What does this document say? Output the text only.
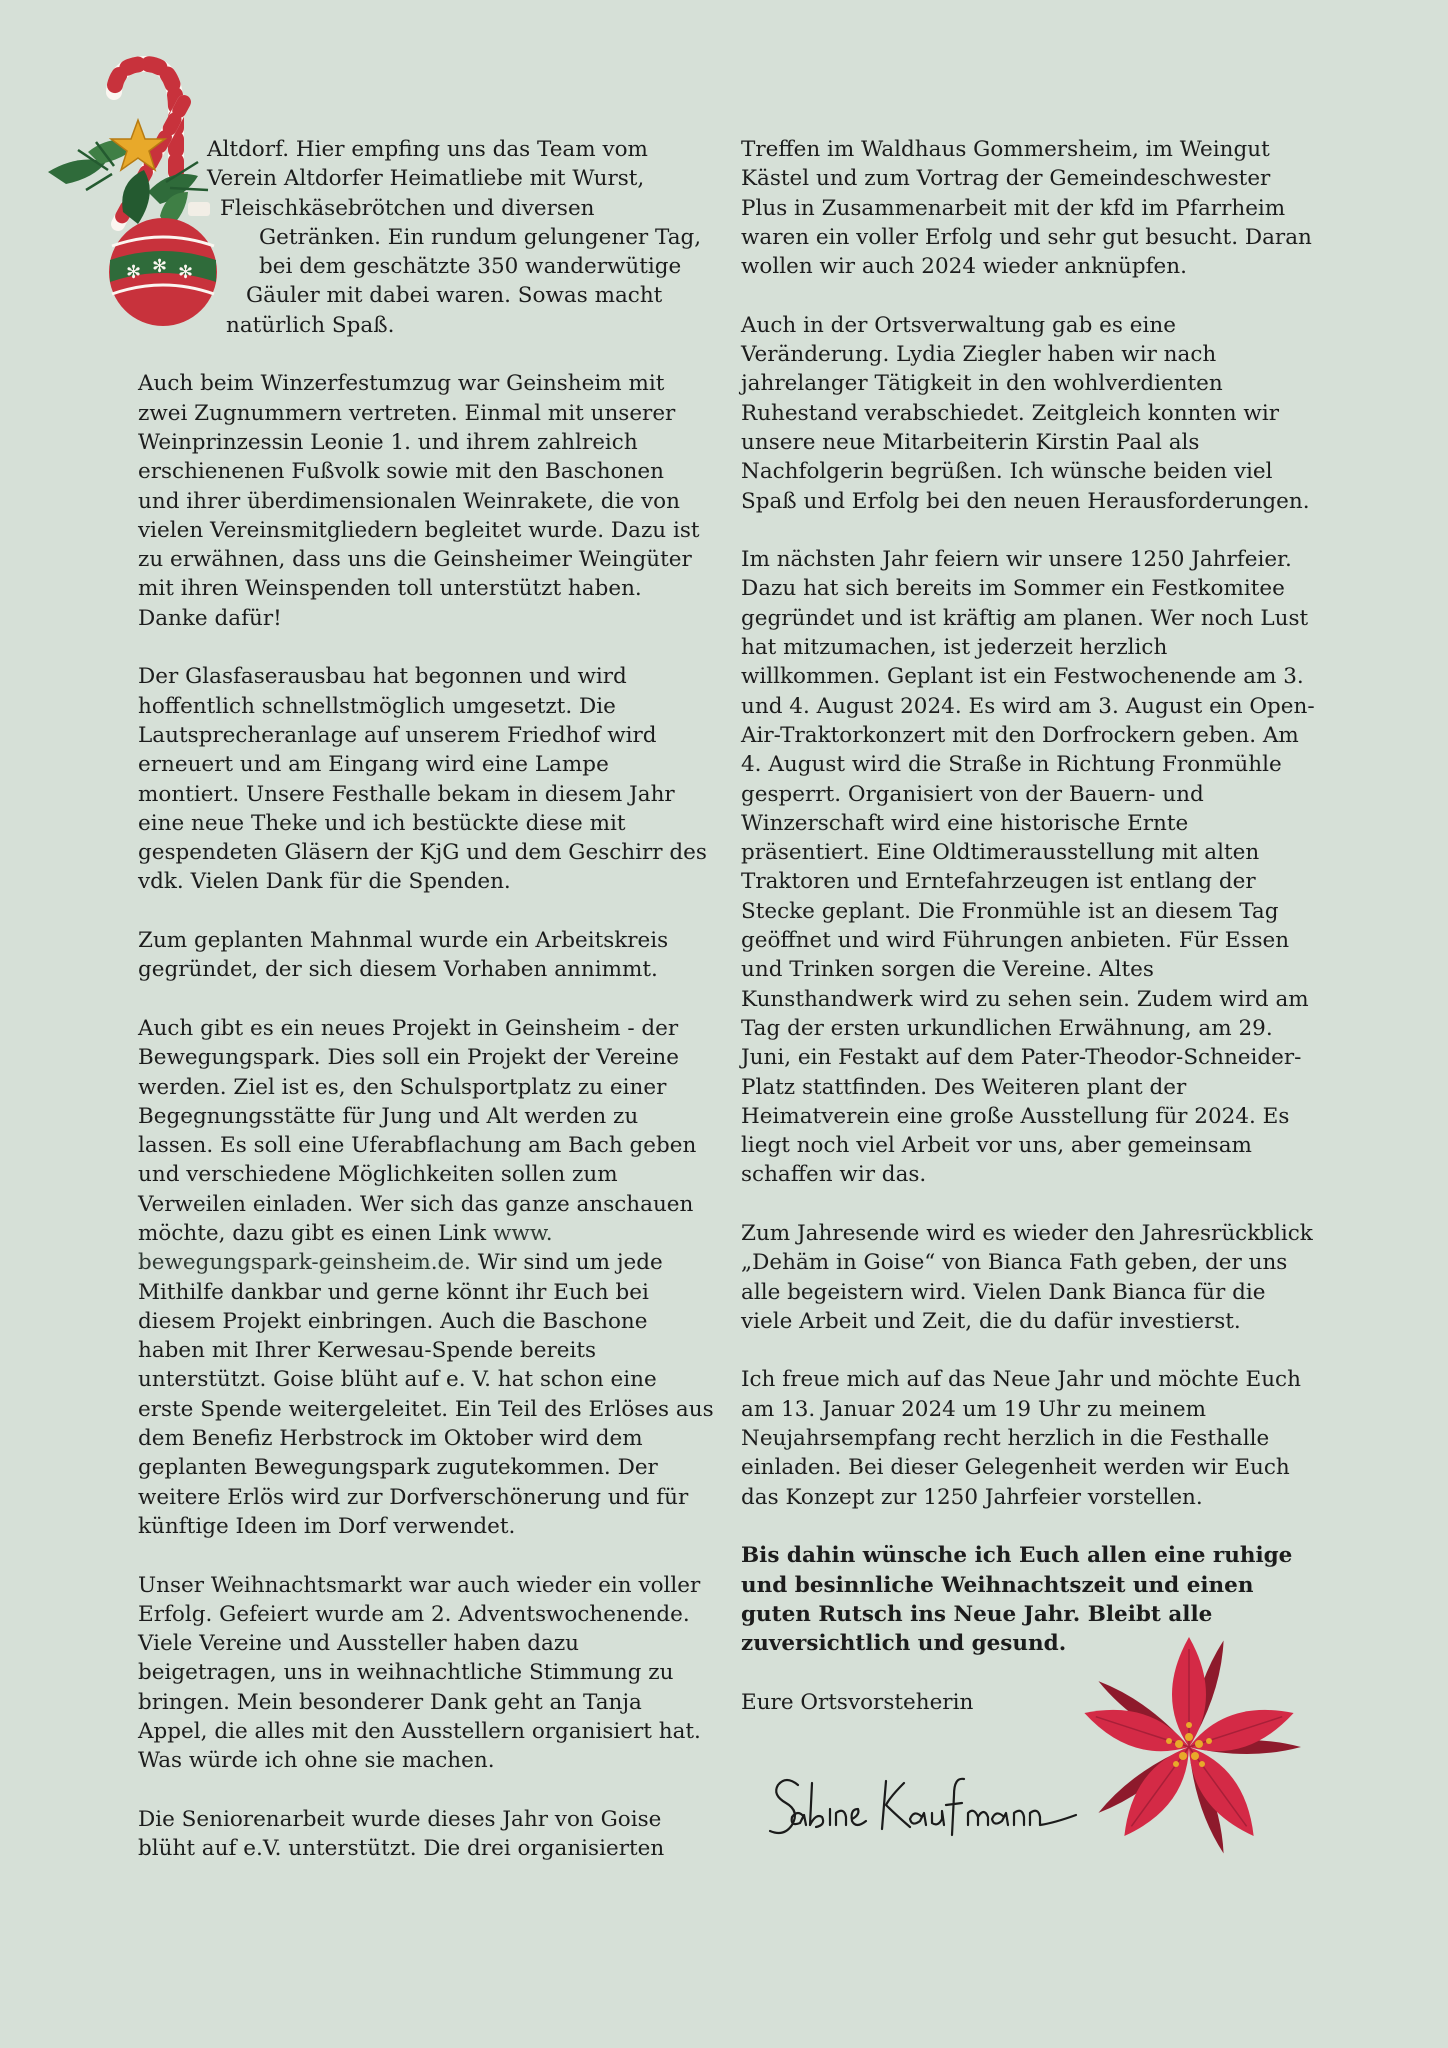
✻ ✻ ✻
Altdorf. Hier empfing uns das Team vom
Verein Altdorfer Heimatliebe mit Wurst,
Fleischkäsebrötchen und diversen
Getränken. Ein rundum gelungener Tag,
bei dem geschätzte 350 wanderwütige
Gäuler mit dabei waren. Sowas macht
natürlich Spaß.
Auch beim Winzerfestumzug war Geinsheim mit
zwei Zugnummern vertreten. Einmal mit unserer
Weinprinzessin Leonie 1. und ihrem zahlreich
erschienenen Fußvolk sowie mit den Baschonen
und ihrer überdimensionalen Weinrakete, die von
vielen Vereinsmitgliedern begleitet wurde. Dazu ist
zu erwähnen, dass uns die Geinsheimer Weingüter
mit ihren Weinspenden toll unterstützt haben.
Danke dafür!
Der Glasfaserausbau hat begonnen und wird
hoffentlich schnellstmöglich umgesetzt. Die
Lautsprecheranlage auf unserem Friedhof wird
erneuert und am Eingang wird eine Lampe
montiert. Unsere Festhalle bekam in diesem Jahr
eine neue Theke und ich bestückte diese mit
gespendeten Gläsern der KjG und dem Geschirr des
vdk. Vielen Dank für die Spenden.
Zum geplanten Mahnmal wurde ein Arbeitskreis
gegründet, der sich diesem Vorhaben annimmt.
Auch gibt es ein neues Projekt in Geinsheim - der
Bewegungspark. Dies soll ein Projekt der Vereine
werden. Ziel ist es, den Schulsportplatz zu einer
Begegnungsstätte für Jung und Alt werden zu
lassen. Es soll eine Uferabflachung am Bach geben
und verschiedene Möglichkeiten sollen zum
Verweilen einladen. Wer sich das ganze anschauen
möchte, dazu gibt es einen Link www.
bewegungspark-geinsheim.de. Wir sind um jede
Mithilfe dankbar und gerne könnt ihr Euch bei
diesem Projekt einbringen. Auch die Baschone
haben mit Ihrer Kerwesau-Spende bereits
unterstützt. Goise blüht auf e. V. hat schon eine
erste Spende weitergeleitet. Ein Teil des Erlöses aus
dem Benefiz Herbstrock im Oktober wird dem
geplanten Bewegungspark zugutekommen. Der
weitere Erlös wird zur Dorfverschönerung und für
künftige Ideen im Dorf verwendet.
Unser Weihnachtsmarkt war auch wieder ein voller
Erfolg. Gefeiert wurde am 2. Adventswochenende.
Viele Vereine und Aussteller haben dazu
beigetragen, uns in weihnachtliche Stimmung zu
bringen. Mein besonderer Dank geht an Tanja
Appel, die alles mit den Ausstellern organisiert hat.
Was würde ich ohne sie machen.
Die Seniorenarbeit wurde dieses Jahr von Goise
blüht auf e.V. unterstützt. Die drei organisierten
Treffen im Waldhaus Gommersheim, im Weingut
Kästel und zum Vortrag der Gemeindeschwester
Plus in Zusammenarbeit mit der kfd im Pfarrheim
waren ein voller Erfolg und sehr gut besucht. Daran
wollen wir auch 2024 wieder anknüpfen.
Auch in der Ortsverwaltung gab es eine
Veränderung. Lydia Ziegler haben wir nach
jahrelanger Tätigkeit in den wohlverdienten
Ruhestand verabschiedet. Zeitgleich konnten wir
unsere neue Mitarbeiterin Kirstin Paal als
Nachfolgerin begrüßen. Ich wünsche beiden viel
Spaß und Erfolg bei den neuen Herausforderungen.
Im nächsten Jahr feiern wir unsere 1250 Jahrfeier.
Dazu hat sich bereits im Sommer ein Festkomitee
gegründet und ist kräftig am planen. Wer noch Lust
hat mitzumachen, ist jederzeit herzlich
willkommen. Geplant ist ein Festwochenende am 3.
und 4. August 2024. Es wird am 3. August ein Open-
Air-Traktorkonzert mit den Dorfrockern geben. Am
4. August wird die Straße in Richtung Fronmühle
gesperrt. Organisiert von der Bauern- und
Winzerschaft wird eine historische Ernte
präsentiert. Eine Oldtimerausstellung mit alten
Traktoren und Erntefahrzeugen ist entlang der
Stecke geplant. Die Fronmühle ist an diesem Tag
geöffnet und wird Führungen anbieten. Für Essen
und Trinken sorgen die Vereine. Altes
Kunsthandwerk wird zu sehen sein. Zudem wird am
Tag der ersten urkundlichen Erwähnung, am 29.
Juni, ein Festakt auf dem Pater-Theodor-Schneider-
Platz stattfinden. Des Weiteren plant der
Heimatverein eine große Ausstellung für 2024. Es
liegt noch viel Arbeit vor uns, aber gemeinsam
schaffen wir das.
Zum Jahresende wird es wieder den Jahresrückblick
„Dehäm in Goise“ von Bianca Fath geben, der uns
alle begeistern wird. Vielen Dank Bianca für die
viele Arbeit und Zeit, die du dafür investierst.
Ich freue mich auf das Neue Jahr und möchte Euch
am 13. Januar 2024 um 19 Uhr zu meinem
Neujahrsempfang recht herzlich in die Festhalle
einladen. Bei dieser Gelegenheit werden wir Euch
das Konzept zur 1250 Jahrfeier vorstellen.
Bis dahin wünsche ich Euch allen eine ruhige
und besinnliche Weihnachtszeit und einen
guten Rutsch ins Neue Jahr. Bleibt alle
zuversichtlich und gesund.
Eure Ortsvorsteherin
